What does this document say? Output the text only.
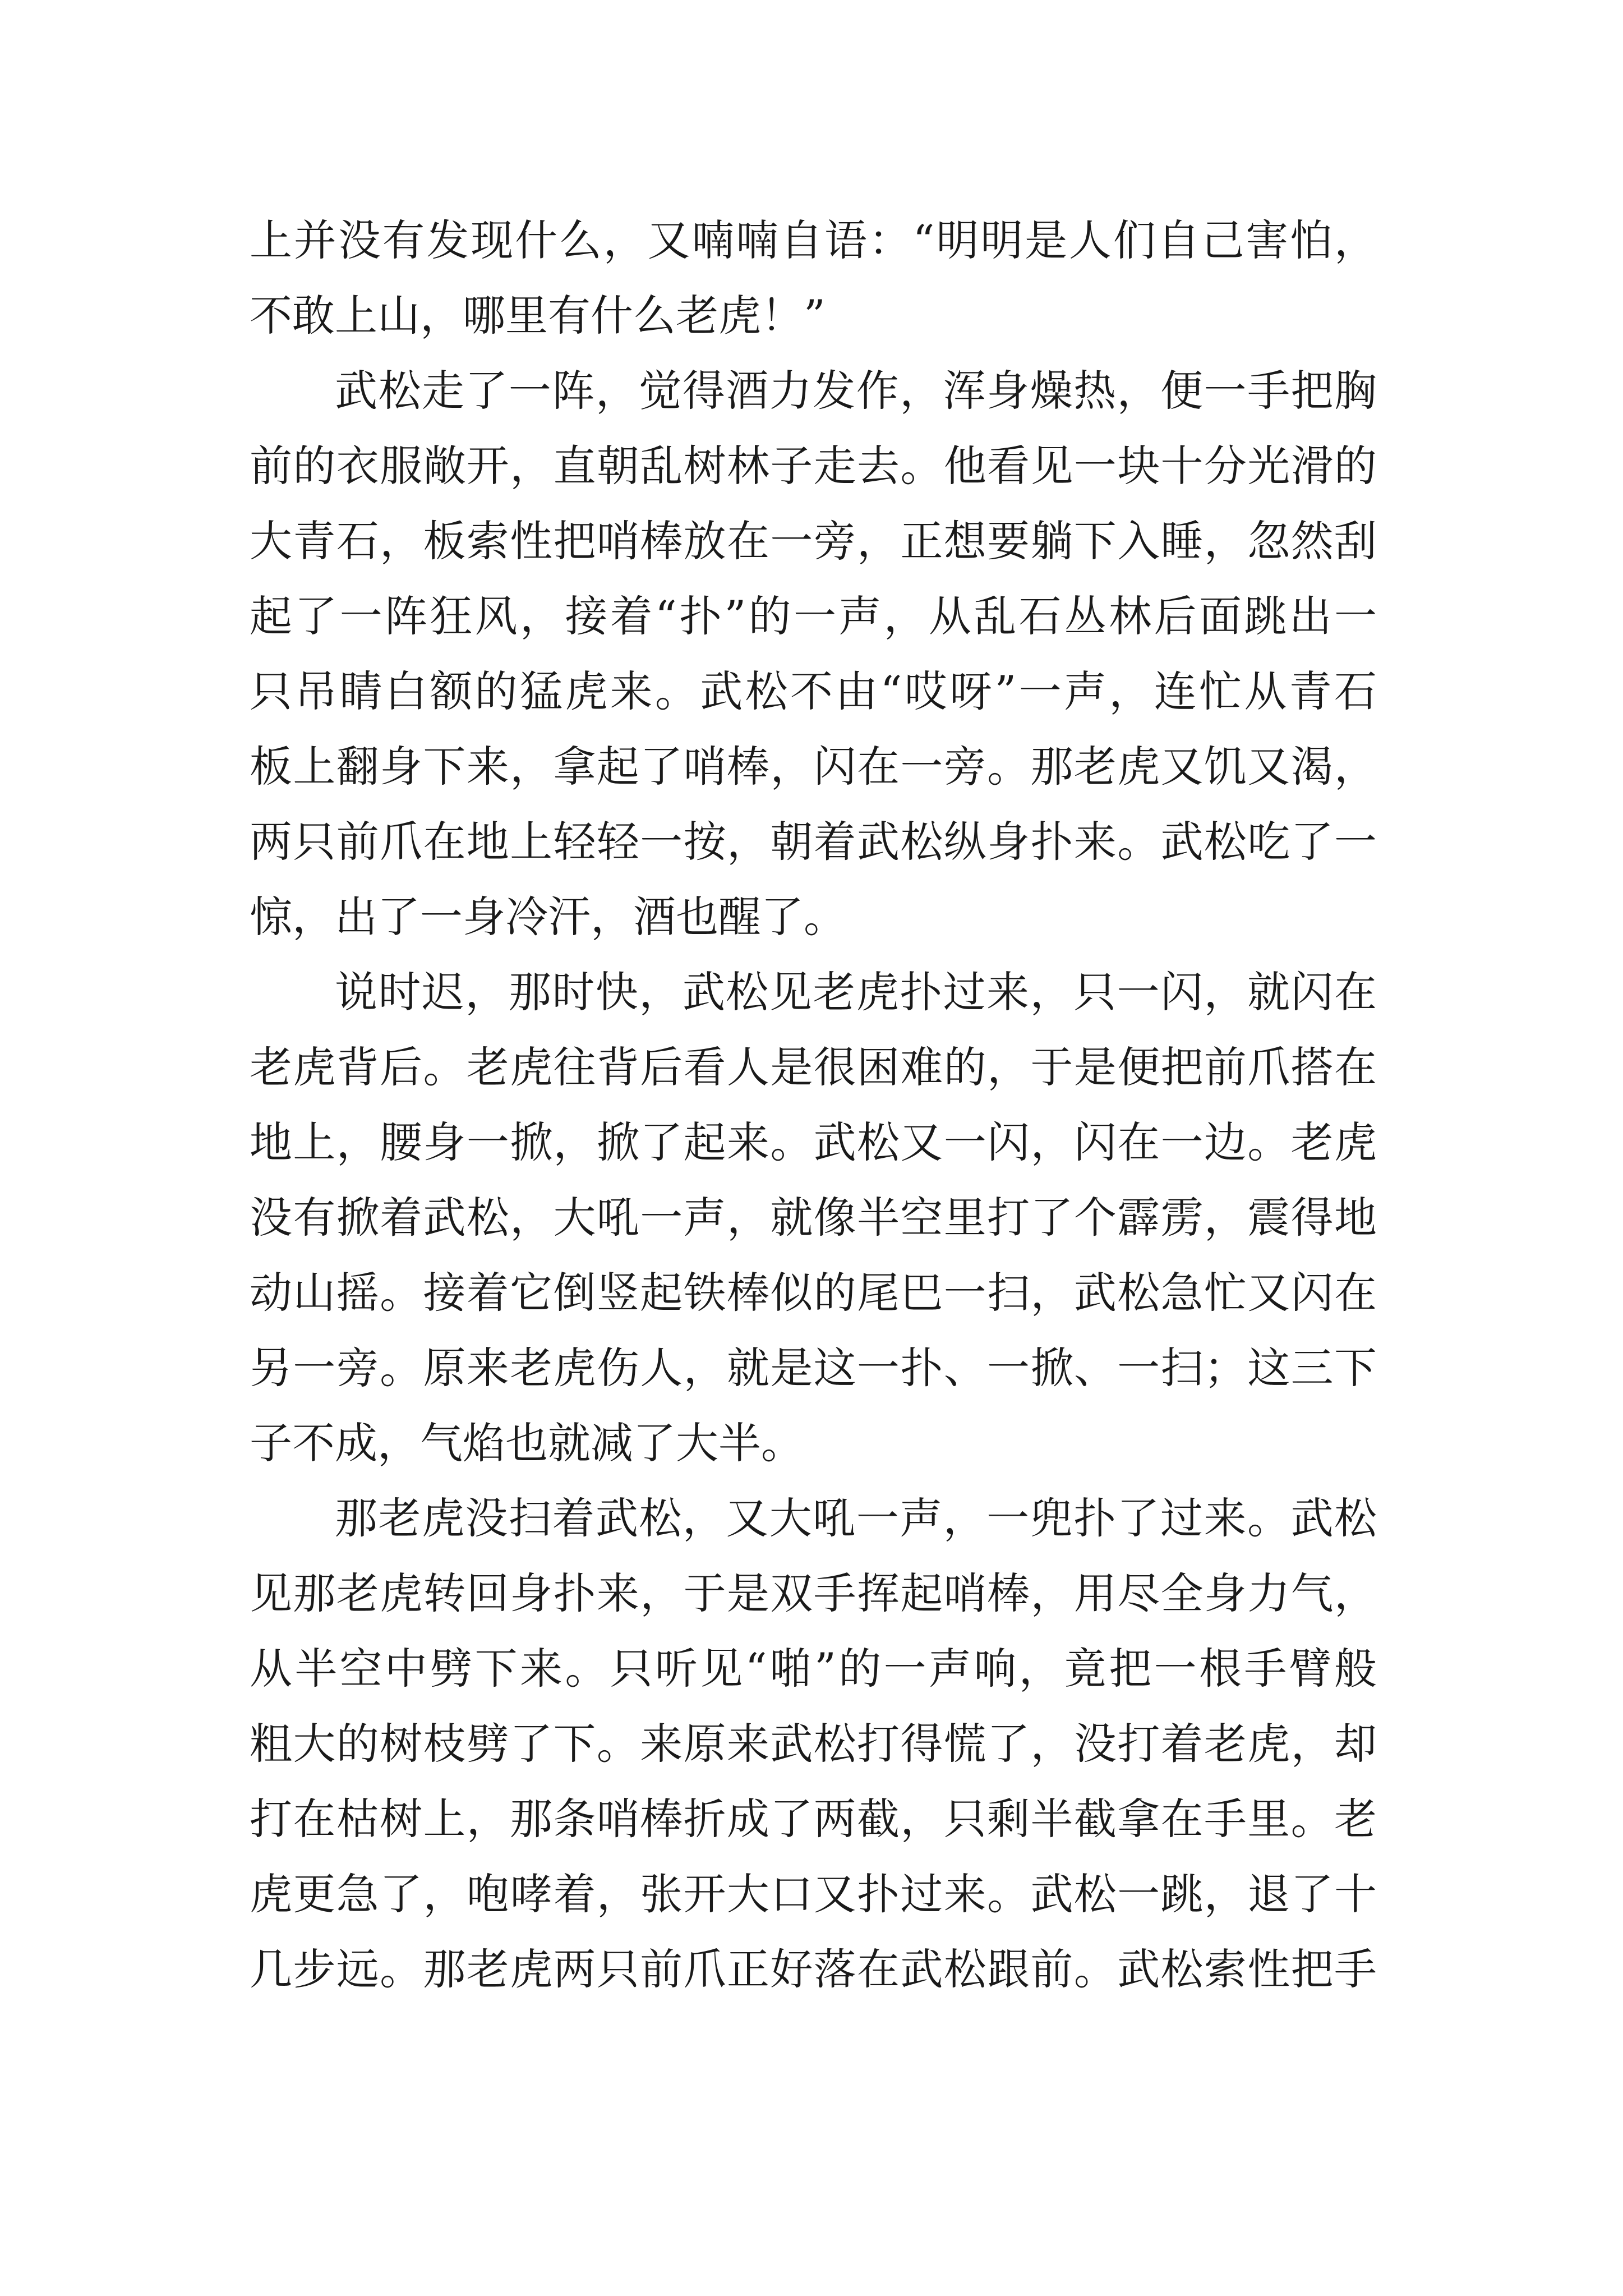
上并没有发现什么，又喃喃自语：“明明是人们自己害怕，
不敢上山，哪里有什么老虎！”
武松走了一阵，觉得酒力发作，浑身燥热，便一手把胸
前的衣服敞开，直朝乱树林子走去。他看见一块十分光滑的
大青石，板索性把哨棒放在一旁，正想要躺下入睡，忽然刮
起了一阵狂风，接着“扑”的一声，从乱石丛林后面跳出一
只吊睛白额的猛虎来。武松不由“哎呀”一声，连忙从青石
板上翻身下来，拿起了哨棒，闪在一旁。那老虎又饥又渴，
两只前爪在地上轻轻一按，朝着武松纵身扑来。武松吃了一
惊，出了一身冷汗，酒也醒了。
说时迟，那时快，武松见老虎扑过来，只一闪，就闪在
老虎背后。老虎往背后看人是很困难的，于是便把前爪搭在
地上，腰身一掀，掀了起来。武松又一闪，闪在一边。老虎
没有掀着武松，大吼一声，就像半空里打了个霹雳，震得地
动山摇。接着它倒竖起铁棒似的尾巴一扫，武松急忙又闪在
另一旁。原来老虎伤人，就是这一扑、一掀、一扫；这三下
子不成，气焰也就减了大半。
那老虎没扫着武松，又大吼一声，一兜扑了过来。武松
见那老虎转回身扑来，于是双手挥起哨棒，用尽全身力气，
从半空中劈下来。只听见“啪”的一声响，竟把一根手臂般
粗大的树枝劈了下。来原来武松打得慌了，没打着老虎，却
打在枯树上，那条哨棒折成了两截，只剩半截拿在手里。老
虎更急了，咆哮着，张开大口又扑过来。武松一跳，退了十
几步远。那老虎两只前爪正好落在武松跟前。武松索性把手
